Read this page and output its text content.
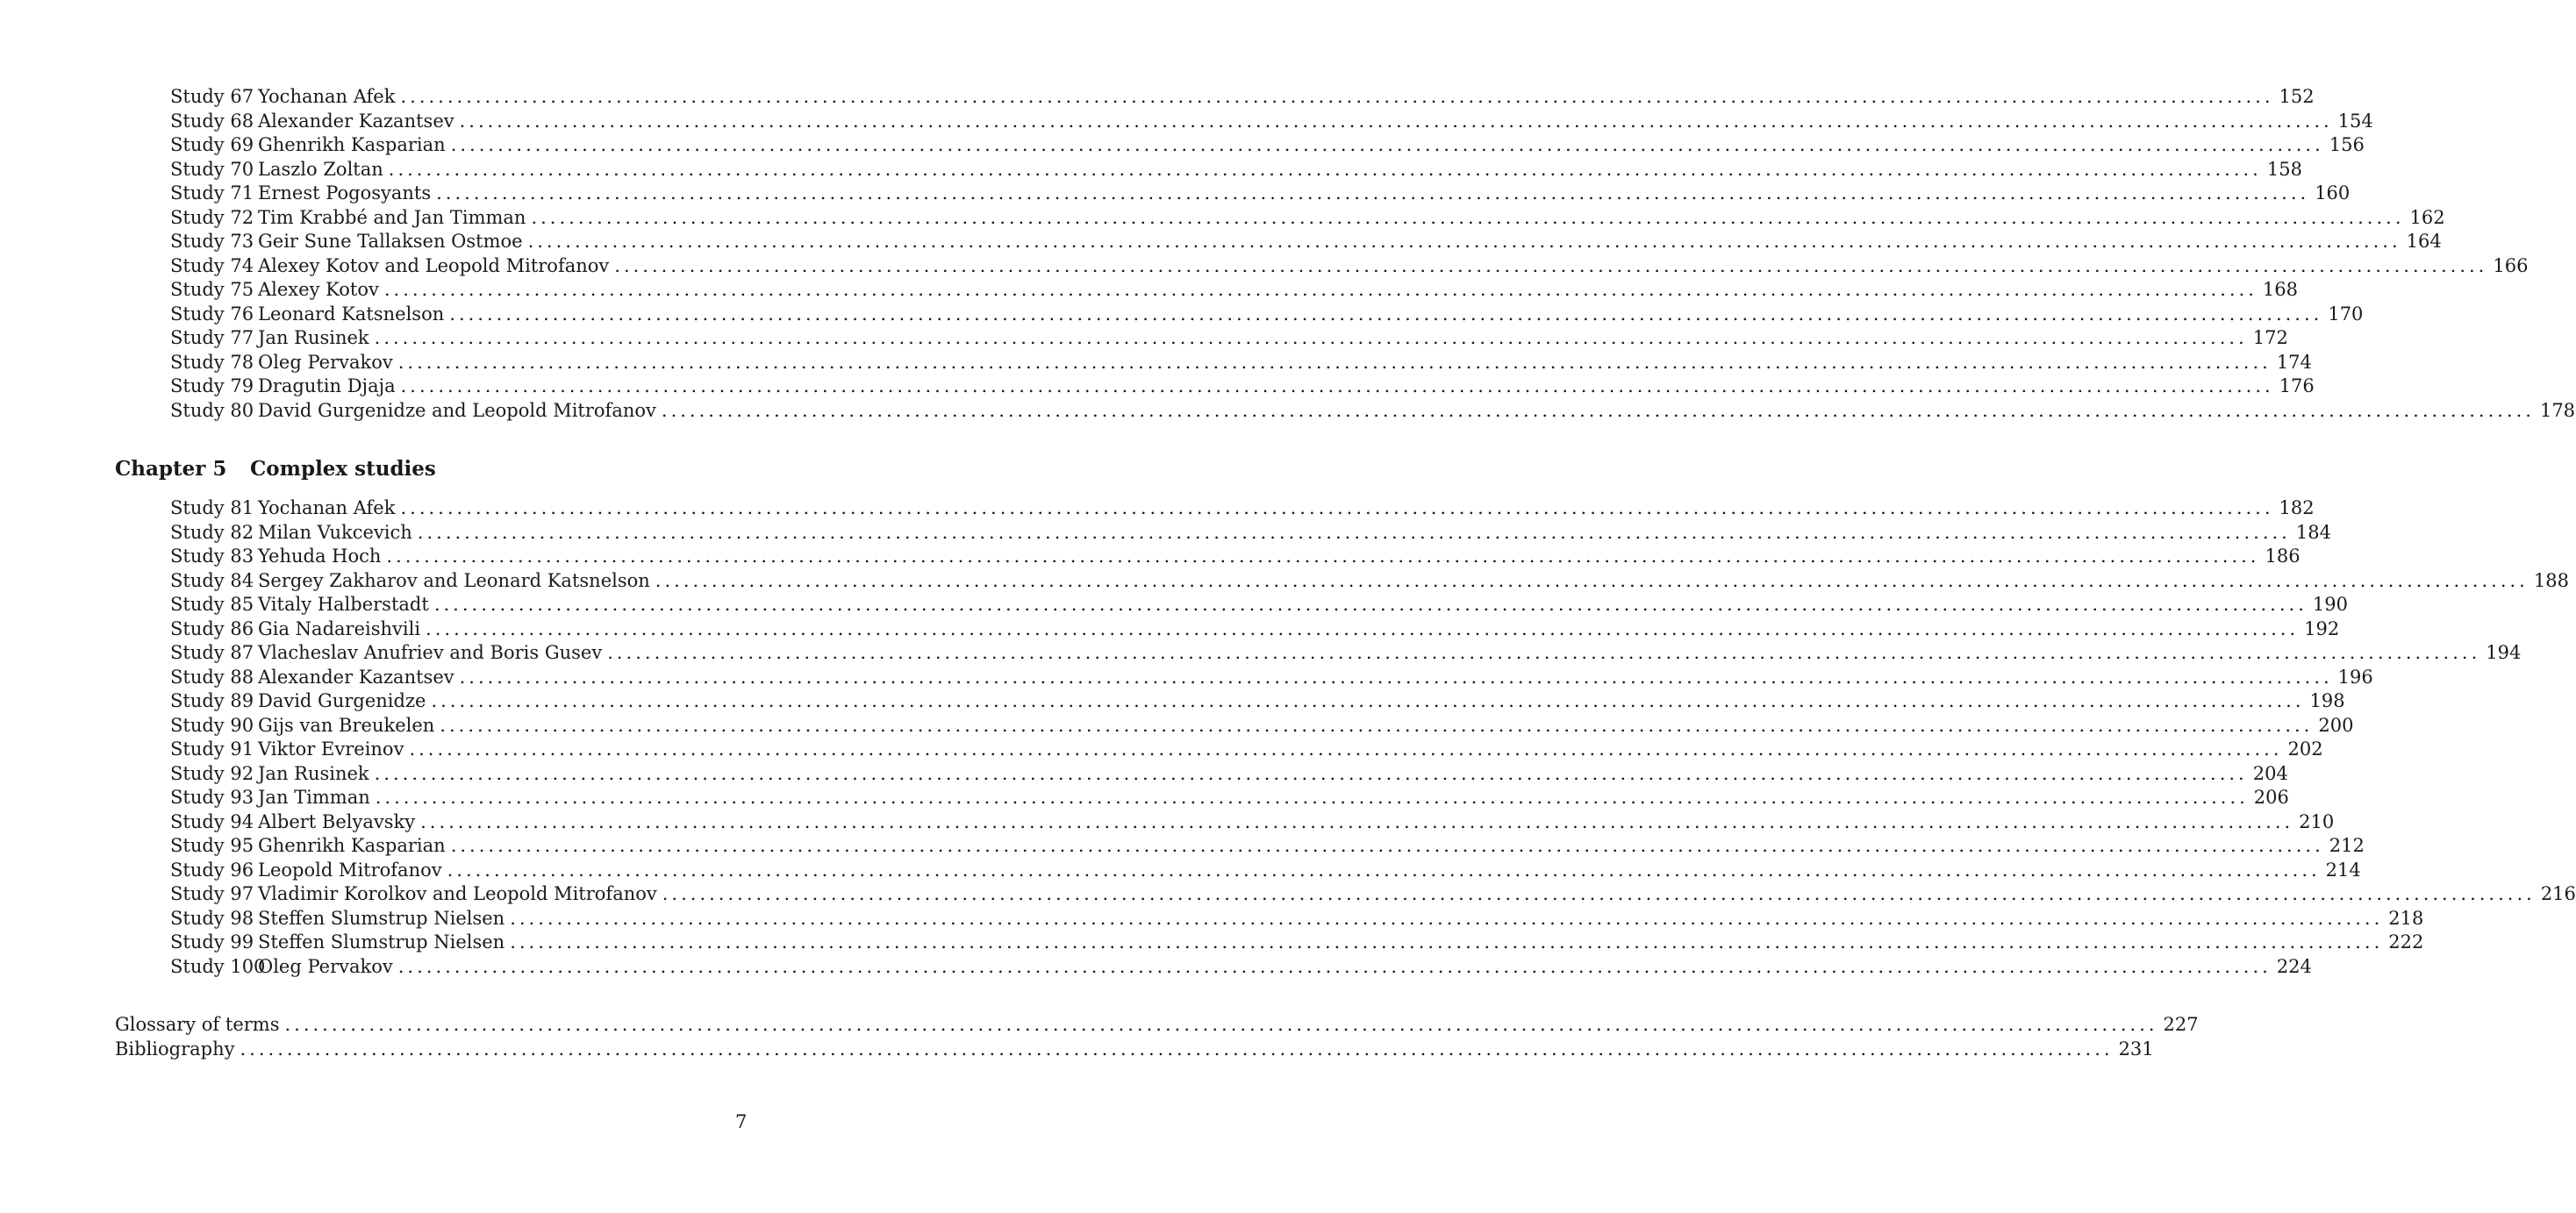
Study 67 Yochanan Afek ........................................................................................................................................................................................................ 152
Study 68 Alexander Kazantsev ........................................................................................................................................................................................................ 154
Study 69 Ghenrikh Kasparian ........................................................................................................................................................................................................ 156
Study 70 Laszlo Zoltan ........................................................................................................................................................................................................ 158
Study 71 Ernest Pogosyants ........................................................................................................................................................................................................ 160
Study 72 Tim Krabbé and Jan Timman ........................................................................................................................................................................................................ 162
Study 73 Geir Sune Tallaksen Ostmoe ........................................................................................................................................................................................................ 164
Study 74 Alexey Kotov and Leopold Mitrofanov ........................................................................................................................................................................................................ 166
Study 75 Alexey Kotov ........................................................................................................................................................................................................ 168
Study 76 Leonard Katsnelson ........................................................................................................................................................................................................ 170
Study 77 Jan Rusinek ........................................................................................................................................................................................................ 172
Study 78 Oleg Pervakov ........................................................................................................................................................................................................ 174
Study 79 Dragutin Djaja ........................................................................................................................................................................................................ 176
Study 80 David Gurgenidze and Leopold Mitrofanov ........................................................................................................................................................................................................ 178
Chapter 5 Complex studies
Study 81 Yochanan Afek ........................................................................................................................................................................................................ 182
Study 82 Milan Vukcevich ........................................................................................................................................................................................................ 184
Study 83 Yehuda Hoch ........................................................................................................................................................................................................ 186
Study 84 Sergey Zakharov and Leonard Katsnelson ........................................................................................................................................................................................................ 188
Study 85 Vitaly Halberstadt ........................................................................................................................................................................................................ 190
Study 86 Gia Nadareishvili ........................................................................................................................................................................................................ 192
Study 87 Vlacheslav Anufriev and Boris Gusev ........................................................................................................................................................................................................ 194
Study 88 Alexander Kazantsev ........................................................................................................................................................................................................ 196
Study 89 David Gurgenidze ........................................................................................................................................................................................................ 198
Study 90 Gijs van Breukelen ........................................................................................................................................................................................................ 200
Study 91 Viktor Evreinov ........................................................................................................................................................................................................ 202
Study 92 Jan Rusinek ........................................................................................................................................................................................................ 204
Study 93 Jan Timman ........................................................................................................................................................................................................ 206
Study 94 Albert Belyavsky ........................................................................................................................................................................................................ 210
Study 95 Ghenrikh Kasparian ........................................................................................................................................................................................................ 212
Study 96 Leopold Mitrofanov ........................................................................................................................................................................................................ 214
Study 97 Vladimir Korolkov and Leopold Mitrofanov ........................................................................................................................................................................................................ 216
Study 98 Steffen Slumstrup Nielsen ........................................................................................................................................................................................................ 218
Study 99 Steffen Slumstrup Nielsen ........................................................................................................................................................................................................ 222
Study 100
Oleg Pervakov ........................................................................................................................................................................................................ 224
Glossary of terms ........................................................................................................................................................................................................ 227
Bibliography ........................................................................................................................................................................................................ 231
7
